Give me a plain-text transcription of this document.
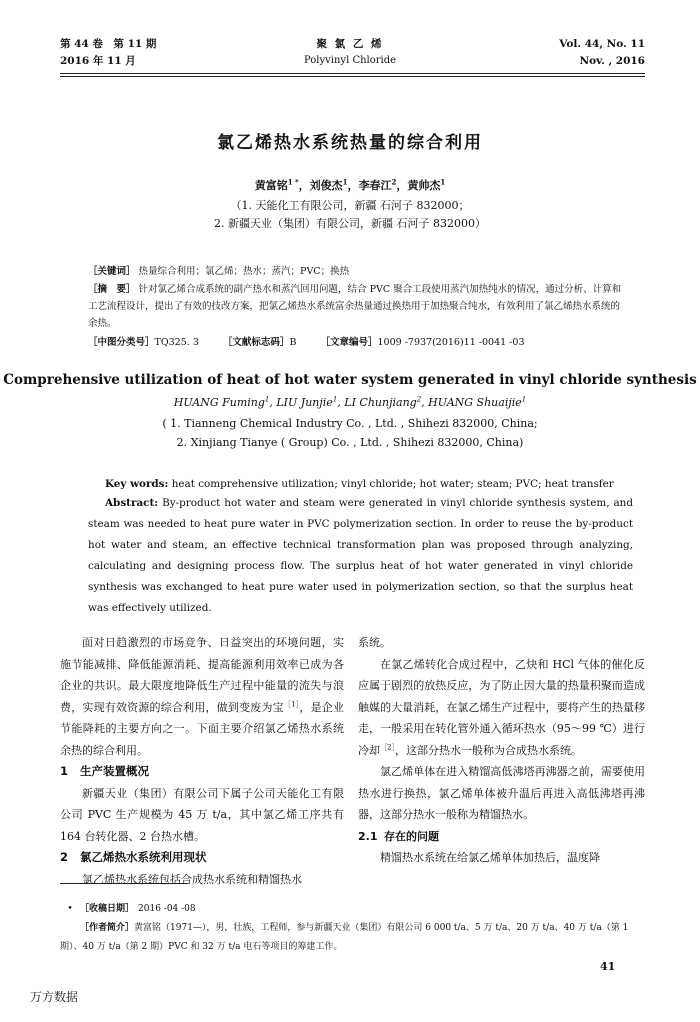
第 44 卷　第 11 期
2016 年 11 月
聚 氯 乙 烯
Polyvinyl Chloride
Vol. 44, No. 11
Nov. , 2016
氯乙烯热水系统热量的综合利用
黄富铭$^{1 *}$，刘俊杰$^1$，李春江$^2$，黄帅杰$^1$
（1. 天能化工有限公司，新疆 石河子 832000；
2. 新疆天业（集团）有限公司，新疆 石河子 832000）
［关键词］ 热量综合利用；氯乙烯；热水；蒸汽；PVC；换热
［摘　要］ 针对氯乙烯合成系统的副产热水和蒸汽回用问题，结合 PVC 聚合工段使用蒸汽加热纯水的情况，通过分析、计算和工艺流程设计，提出了有效的技改方案，把氯乙烯热水系统富余热量通过换热用于加热聚合纯水，有效利用了氯乙烯热水系统的余热。
［中图分类号］TQ325. 3	［文献标志码］B	［文章编号］1009 -7937(2016)11 -0041 -03
Comprehensive utilization of heat of hot water system generated in vinyl chloride synthesis
HUANG Fuming$^1$, LIU Junjie$^1$, LI Chunjiang$^2$, HUANG Shuaijie$^1$
( 1. Tianneng Chemical Industry Co. , Ltd. , Shihezi 832000, China;
2. Xinjiang Tianye ( Group) Co. , Ltd. , Shihezi 832000, China)
Key words: heat comprehensive utilization; vinyl chloride; hot water; steam; PVC; heat transfer
Abstract: By-product hot water and steam were generated in vinyl chloride synthesis system, and steam was needed to heat pure water in PVC polymerization section. In order to reuse the by-product hot water and steam, an effective technical transformation plan was proposed through analyzing, calculating and designing process flow. The surplus heat of hot water generated in vinyl chloride synthesis was exchanged to heat pure water used in polymerization section, so that the surplus heat was effectively utilized.

面对日趋激烈的市场竞争、日益突出的环境问题，实施节能减排、降低能源消耗、提高能源利用效率已成为各企业的共识。最大限度地降低生产过程中能量的流失与浪费，实现有效资源的综合利用，做到变废为宝$^{[1]}$，是企业节能降耗的主要方向之一。下面主要介绍氯乙烯热水系统余热的综合利用。

1 生产装置概况

新疆天业（集团）有限公司下属子公司天能化工有限公司 PVC 生产规模为 45 万 t/a，其中氯乙烯工序共有 164 台转化器、2 台热水槽。

2 氯乙烯热水系统利用现状

氯乙烯热水系统包括合成热水系统和精馏热水

系统。

在氯乙烯转化合成过程中，乙炔和 HCl 气体的催化反应属于剧烈的放热反应，为了防止因大量的热量积聚而造成触媒的大量消耗，在氯乙烯生产过程中，要将产生的热量移走，一般采用在转化管外通入循环热水（95～99 ℃）进行冷却$^{[2]}$，这部分热水一般称为合成热水系统。

氯乙烯单体在进入精馏高低沸塔再沸器之前，需要使用热水进行换热，氯乙烯单体被升温后再进入高低沸塔再沸器，这部分热水一般称为精馏热水。

2.1 存在的问题

精馏热水系统在给氯乙烯单体加热后，温度降

• ［收稿日期］ 2016 -04 -08
［作者简介］黄富铭（1971—），男，壮族，工程师，参与新疆天业（集团）有限公司 6 000 t/a、5 万 t/a、20 万 t/a、40 万 t/a（第 1 期）、40 万 t/a（第 2 期）PVC 和 32 万 t/a 电石等项目的筹建工作。
41
万方数据
